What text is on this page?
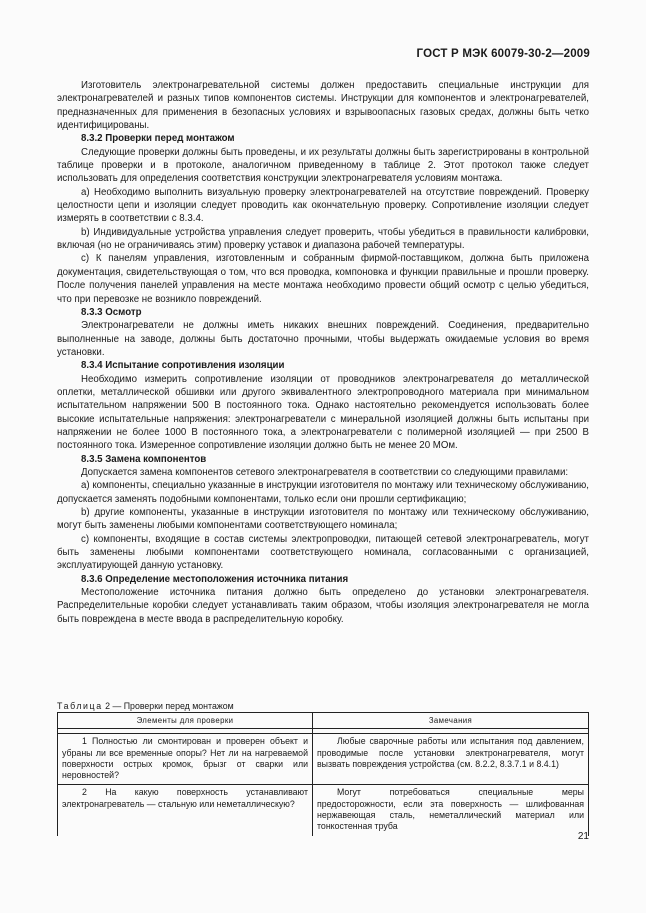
ГОСТ Р МЭК 60079-30-2—2009

Изготовитель электронагревательной системы должен предоставить специальные инструкции для электронагревателей и разных типов компонентов системы. Инструкции для компонентов и электронагревателей, предназначенных для применения в безопасных условиях и взрывоопасных газовых средах, должны быть четко идентифицированы.

8.3.2 Проверки перед монтажом

Следующие проверки должны быть проведены, и их результаты должны быть зарегистрированы в контрольной таблице проверки и в протоколе, аналогичном приведенному в таблице 2. Этот протокол также следует использовать для определения соответствия конструкции электронагревателя условиям монтажа.

a) Необходимо выполнить визуальную проверку электронагревателей на отсутствие повреждений. Проверку целостности цепи и изоляции следует проводить как окончательную проверку. Сопротивление изоляции следует измерять в соответствии с 8.3.4.

b) Индивидуальные устройства управления следует проверить, чтобы убедиться в правильности калибровки, включая (но не ограничиваясь этим) проверку уставок и диапазона рабочей температуры.

c) К панелям управления, изготовленным и собранным фирмой-поставщиком, должна быть приложена документация, свидетельствующая о том, что вся проводка, компоновка и функции правильные и прошли проверку. После получения панелей управления на месте монтажа необходимо провести общий осмотр с целью убедиться, что при перевозке не возникло повреждений.

8.3.3 Осмотр

Электронагреватели не должны иметь никаких внешних повреждений. Соединения, предварительно выполненные на заводе, должны быть достаточно прочными, чтобы выдержать ожидаемые условия во время установки.

8.3.4 Испытание сопротивления изоляции

Необходимо измерить сопротивление изоляции от проводников электронагревателя до металлической оплетки, металлической обшивки или другого эквивалентного электропроводного материала при минимальном испытательном напряжении 500 В постоянного тока. Однако настоятельно рекомендуется использовать более высокие испытательные напряжения: электронагреватели с минеральной изоляцией должны быть испытаны при напряжении не более 1000 В постоянного тока, а электронагреватели с полимерной изоляцией — при 2500 В постоянного тока. Измеренное сопротивление изоляции должно быть не менее 20 МОм.

8.3.5 Замена компонентов

Допускается замена компонентов сетевого электронагревателя в соответствии со следующими правилами:

a) компоненты, специально указанные в инструкции изготовителя по монтажу или техническому обслуживанию, допускается заменять подобными компонентами, только если они прошли сертификацию;

b) другие компоненты, указанные в инструкции изготовителя по монтажу или техническому обслуживанию, могут быть заменены любыми компонентами соответствующего номинала;

c) компоненты, входящие в состав системы электропроводки, питающей сетевой электронагреватель, могут быть заменены любыми компонентами соответствующего номинала, согласованными с организацией, эксплуатирующей данную установку.

8.3.6 Определение местоположения источника питания

Местоположение источника питания должно быть определено до установки электронагревателя. Распределительные коробки следует устанавливать таким образом, чтобы изоляция электронагревателя не могла быть повреждена в месте ввода в распределительную коробку.

Таблица 2 — Проверки перед монтажом
Элементы для проверки	Замечания

1 Полностью ли смонтирован и проверен объект и убраны ли все временные опоры? Нет ли на нагреваемой поверхности острых кромок, брызг от сварки или неровностей?	Любые сварочные работы или испытания под давлением, проводимые после установки электронагревателя, могут вызвать повреждения устройства (см. 8.2.2, 8.3.7.1 и 8.4.1)
2 На какую поверхность устанавливают электронагреватель — стальную или неметаллическую?	Могут потребоваться специальные меры предосторожности, если эта поверхность — шлифованная нержавеющая сталь, неметаллический материал или тонкостенная труба
21
